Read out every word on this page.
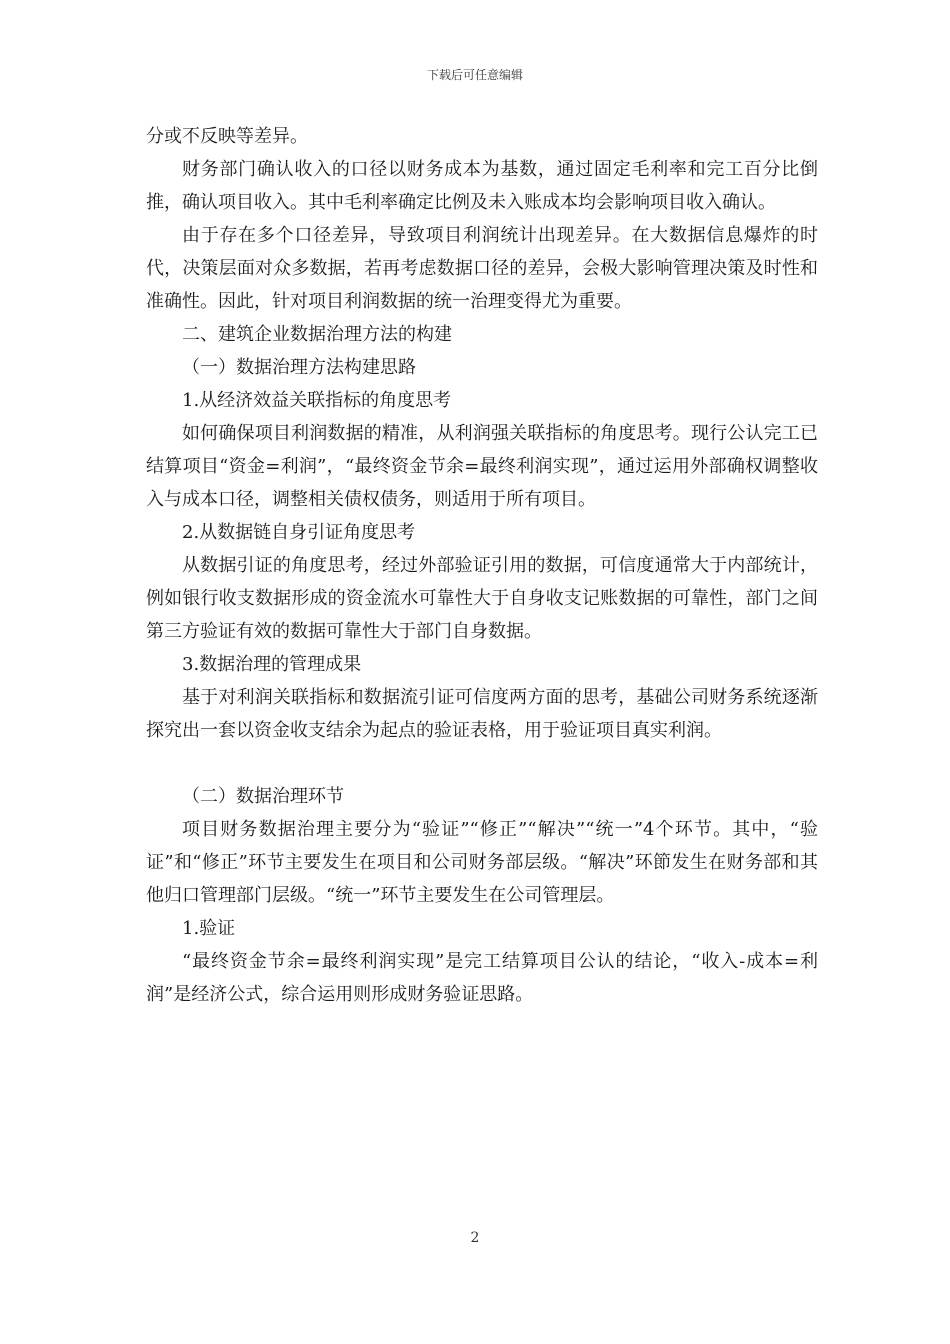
下载后可任意编辑

分或不反映等差异。

财务部门确认收入的口径以财务成本为基数，通过固定毛利率和完工百分比倒推，确认项目收入。其中毛利率确定比例及未入账成本均会影响项目收入确认。

由于存在多个口径差异，导致项目利润统计出现差异。在大数据信息爆炸的时代，决策层面对众多数据，若再考虑数据口径的差异，会极大影响管理决策及时性和准确性。因此，针对项目利润数据的统一治理变得尤为重要。

二、建筑企业数据治理方法的构建

（一）数据治理方法构建思路

1.从经济效益关联指标的角度思考

如何确保项目利润数据的精准，从利润强关联指标的角度思考。现行公认完工已结算项目“资金=利润”，“最终资金节余=最终利润实现”，通过运用外部确权调整收入与成本口径，调整相关债权债务，则适用于所有项目。

2.从数据链自身引证角度思考

从数据引证的角度思考，经过外部验证引用的数据，可信度通常大于内部统计，例如银行收支数据形成的资金流水可靠性大于自身收支记账数据的可靠性，部门之间第三方验证有效的数据可靠性大于部门自身数据。

3.数据治理的管理成果

基于对利润关联指标和数据流引证可信度两方面的思考，基础公司财务系统逐渐探究出一套以资金收支结余为起点的验证表格，用于验证项目真实利润。

（二）数据治理环节

项目财务数据治理主要分为“验证”“修正”“解决”“统一”4个环节。其中，“验证”和“修正”环节主要发生在项目和公司财务部层级。“解决”环節发生在财务部和其他归口管理部门层级。“统一”环节主要发生在公司管理层。

1.验证

“最终资金节余=最终利润实现”是完工结算项目公认的结论，“收入-成本=利润”是经济公式，综合运用则形成财务验证思路。

2
